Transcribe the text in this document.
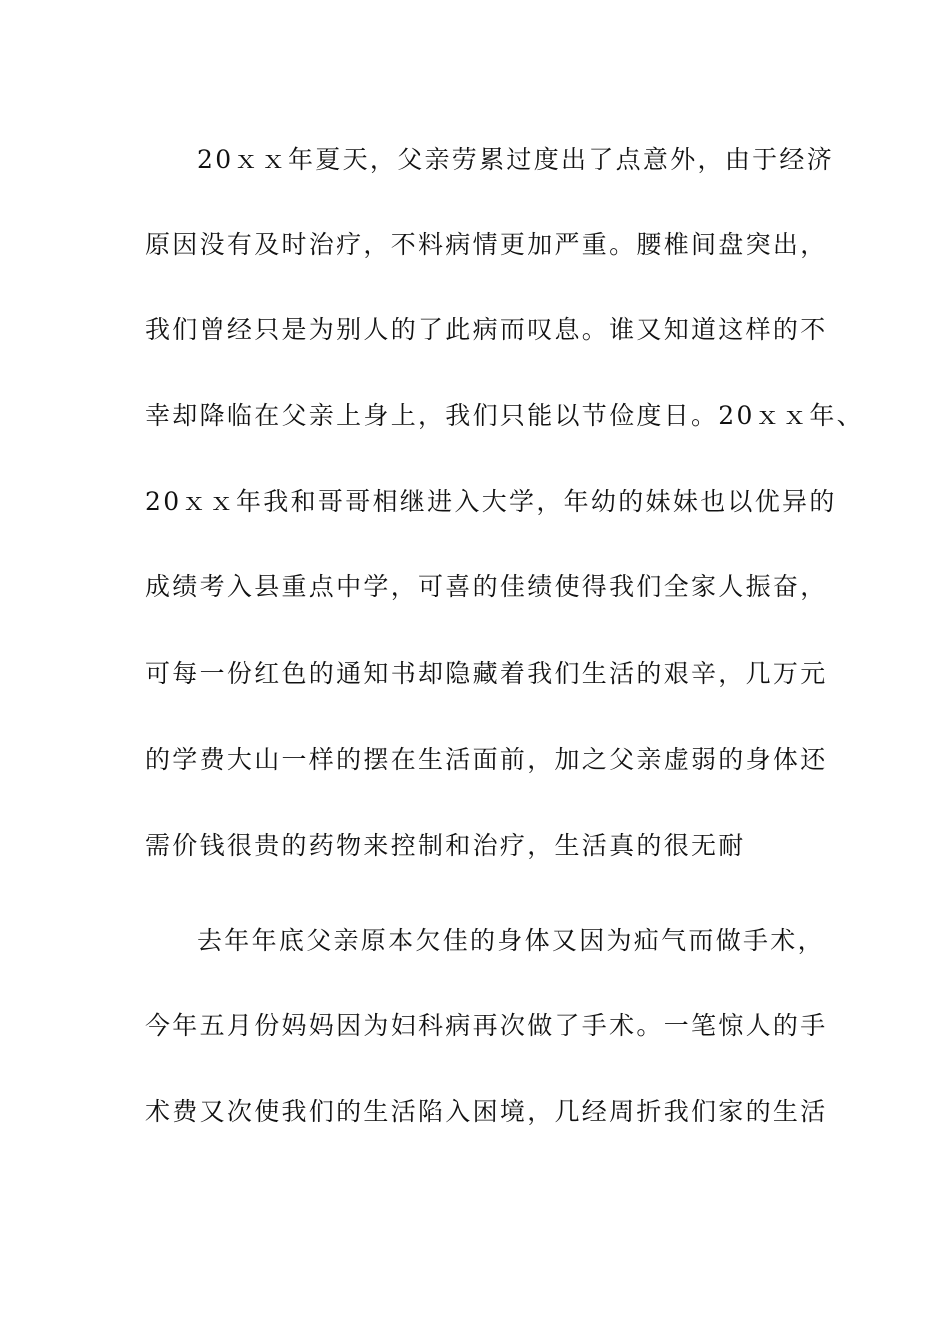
20ｘｘ年夏天，父亲劳累过度出了点意外，由于经济
原因没有及时治疗，不料病情更加严重。腰椎间盘突出，
我们曾经只是为别人的了此病而叹息。谁又知道这样的不
幸却降临在父亲上身上，我们只能以节俭度日。20ｘｘ年、
20ｘｘ年我和哥哥相继进入大学，年幼的妹妹也以优异的
成绩考入县重点中学，可喜的佳绩使得我们全家人振奋，
可每一份红色的通知书却隐藏着我们生活的艰辛，几万元
的学费大山一样的摆在生活面前，加之父亲虚弱的身体还
需价钱很贵的药物来控制和治疗，生活真的很无耐
去年年底父亲原本欠佳的身体又因为疝气而做手术，
今年五月份妈妈因为妇科病再次做了手术。一笔惊人的手
术费又次使我们的生活陷入困境，几经周折我们家的生活
